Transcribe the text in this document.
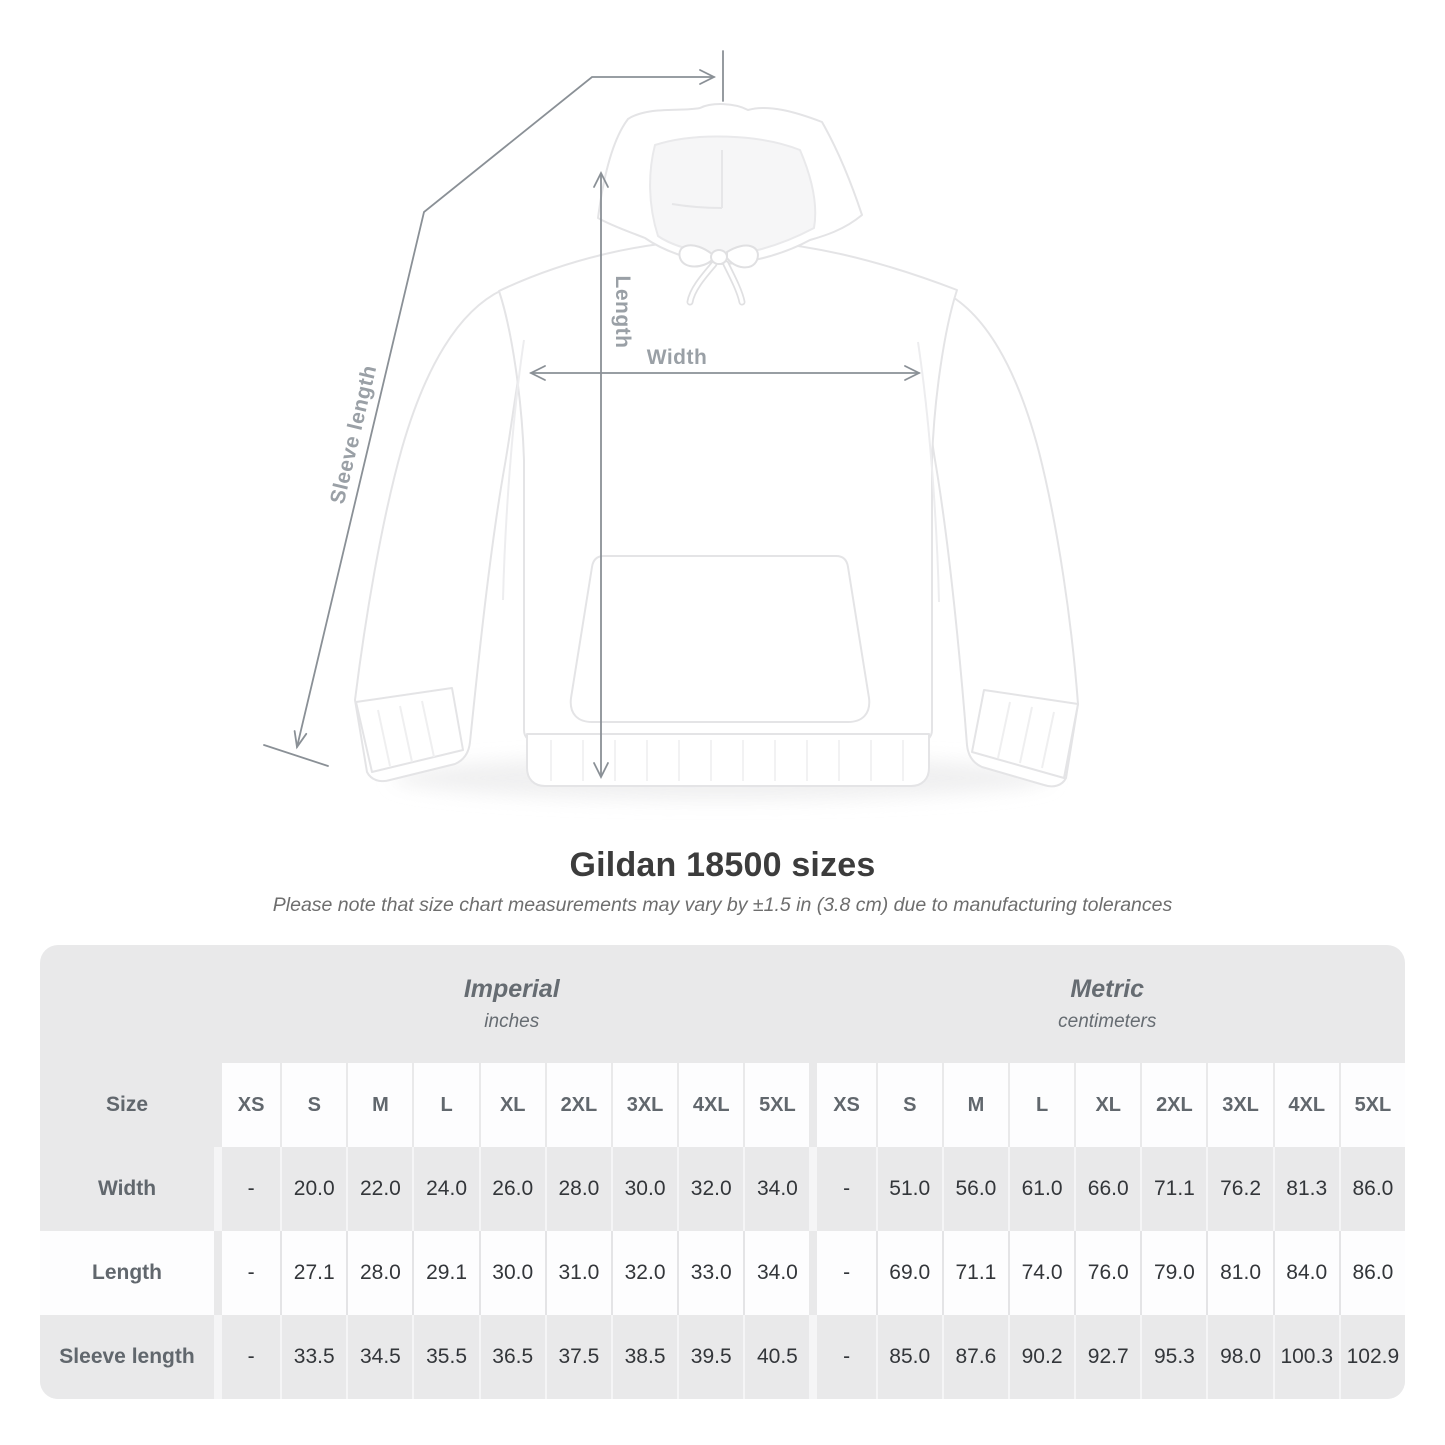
Width
Length
Sleeve length
Gildan 18500 sizes
Please note that size chart measurements may vary by ±1.5 in (3.8 cm) due to manufacturing tolerances
Imperial
inches
Metric
centimeters
Size	XS	S	M	L	XL	2XL	3XL	4XL	5XL	XS	S	M	L	XL	2XL	3XL	4XL	5XL
Width	-	20.0	22.0	24.0	26.0	28.0	30.0	32.0	34.0	-	51.0	56.0	61.0	66.0	71.1	76.2	81.3	86.0
Length	-	27.1	28.0	29.1	30.0	31.0	32.0	33.0	34.0	-	69.0	71.1	74.0	76.0	79.0	81.0	84.0	86.0
Sleeve length	-	33.5	34.5	35.5	36.5	37.5	38.5	39.5	40.5	-	85.0	87.6	90.2	92.7	95.3	98.0 100.3 102.9
